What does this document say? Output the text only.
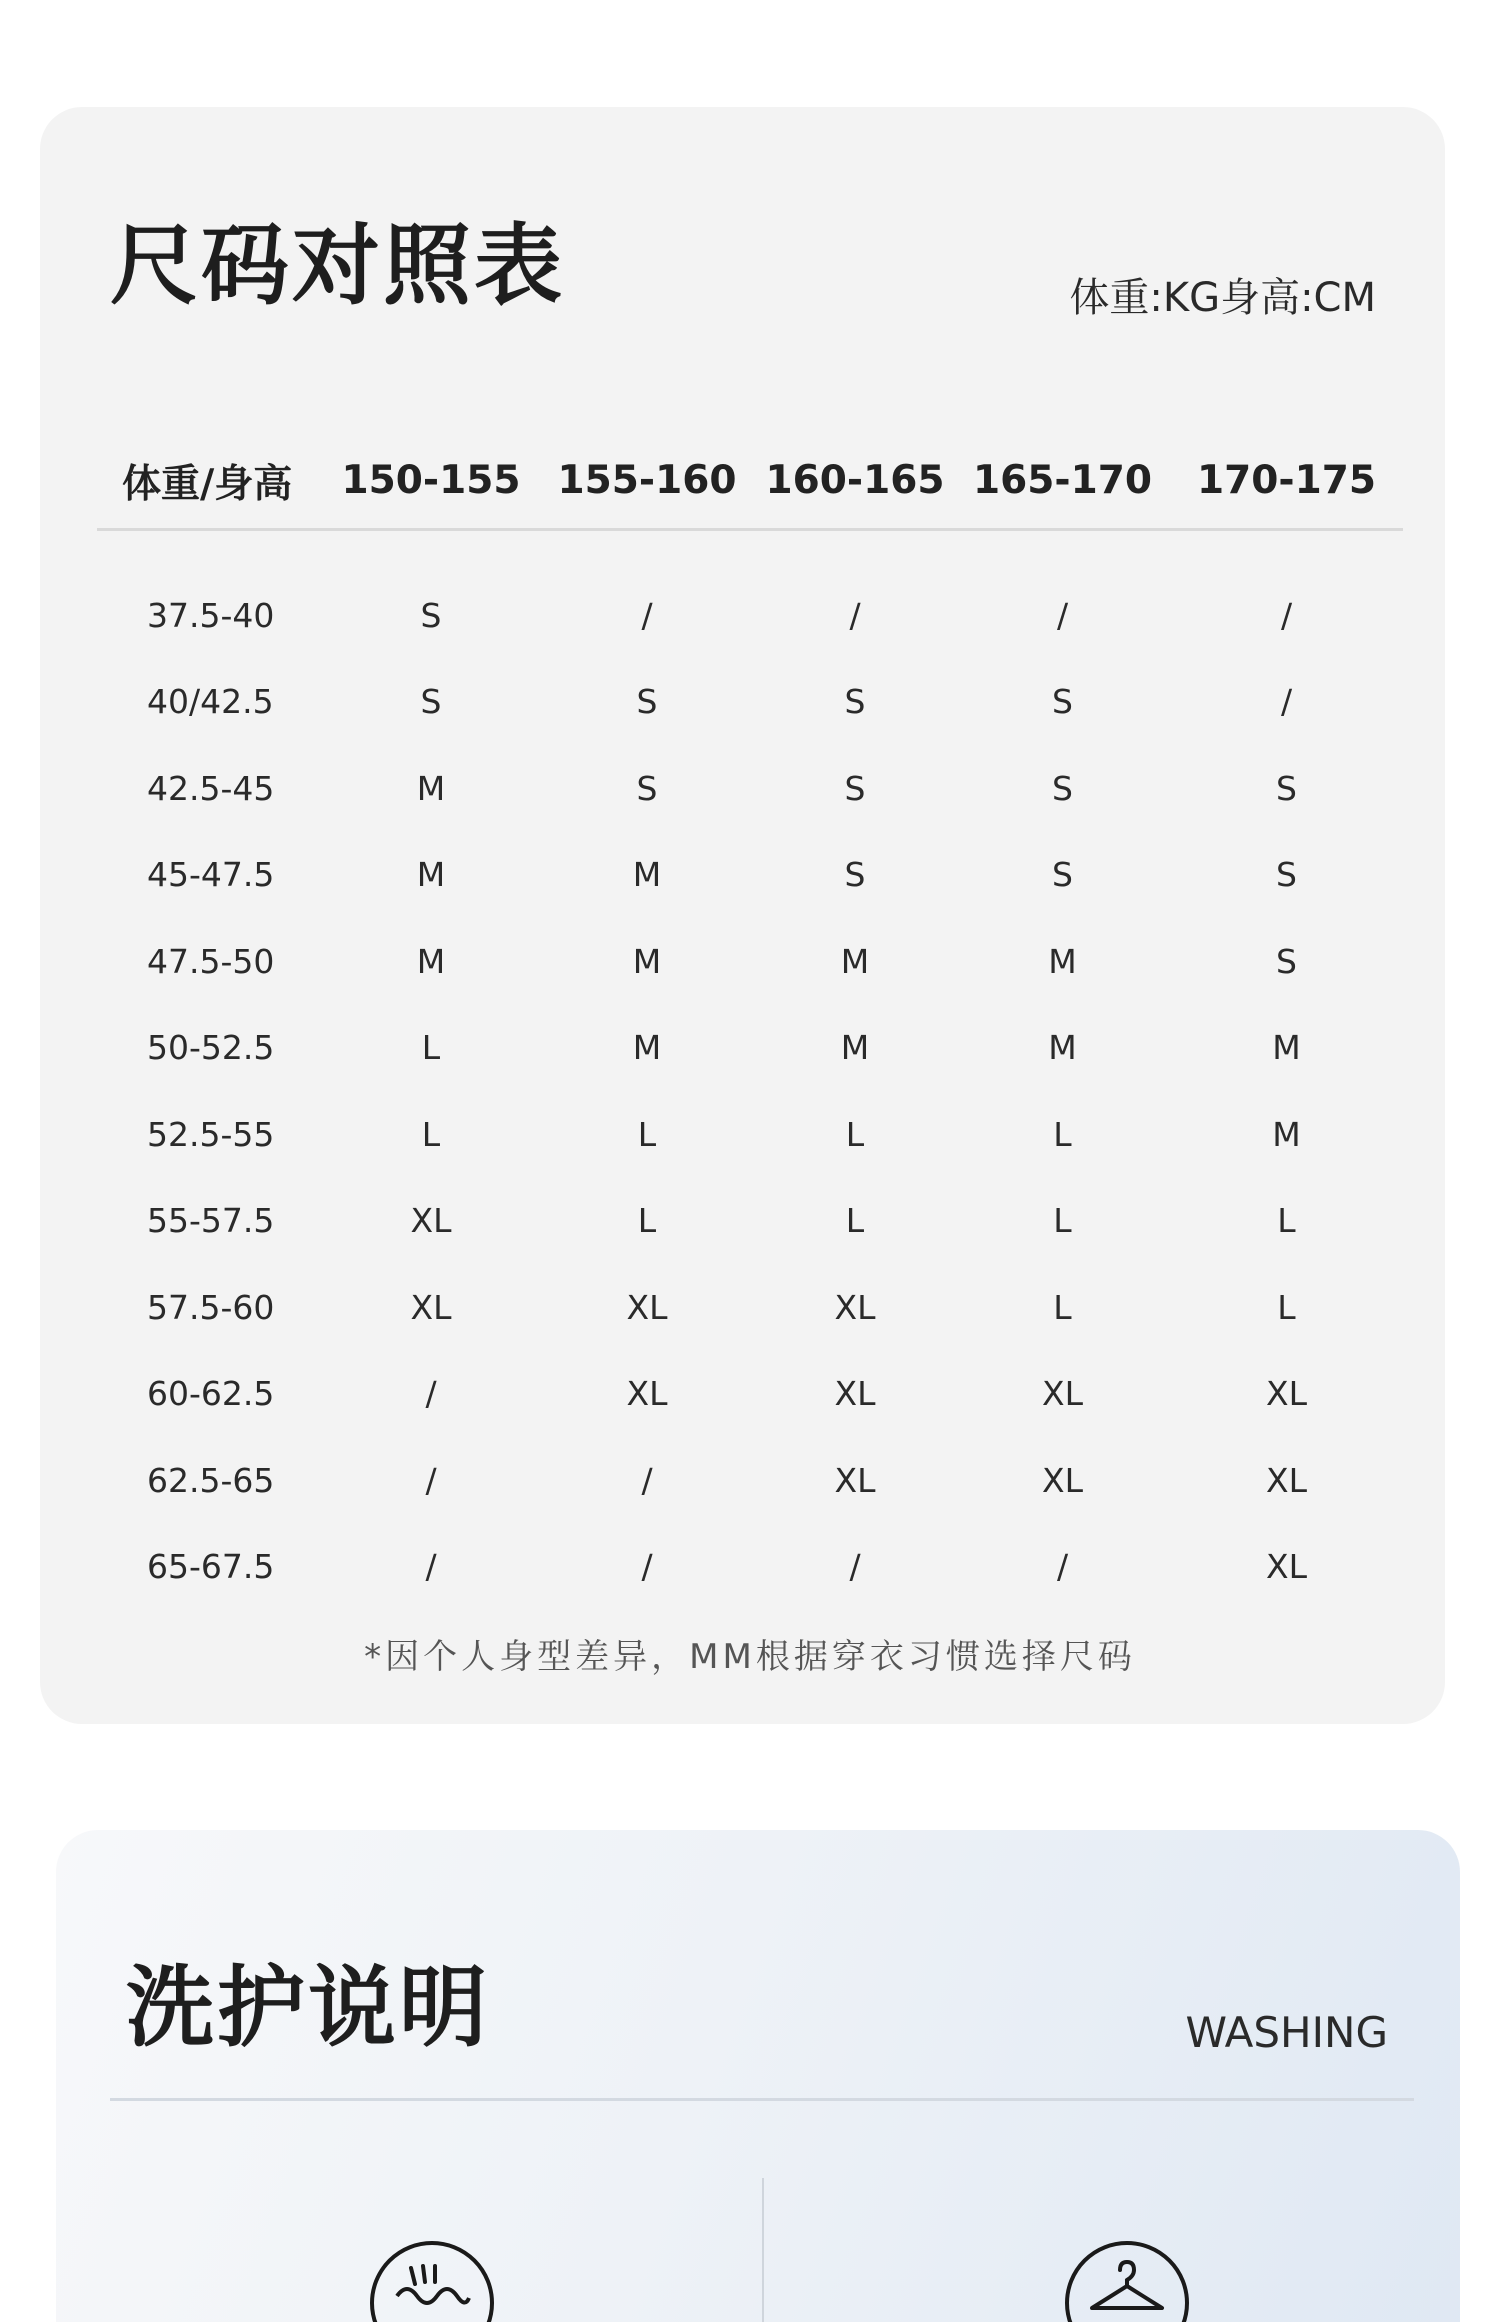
尺码对照表	体重:KG身高:CM
体重/身高	150-155	155-160	160-165	165-170	170-175
37.5-40	S	/	/	/	/
40/42.5	S	S	S	S	/
42.5-45	M	S	S	S	S
45-47.5	M	M	S	S	S
47.5-50	M	M	M	M	S
50-52.5	L	M	M	M	M
52.5-55	L	L	L	L	M
55-57.5	XL	L	L	L	L
57.5-60	XL	XL	XL	L	L
60-62.5	/	XL	XL	XL	XL
62.5-65	/	/	XL	XL	XL
65-67.5	/	/	/	/	XL
*因个人身型差异，MM根据穿衣习惯选择尺码
洗护说明	WASHING
